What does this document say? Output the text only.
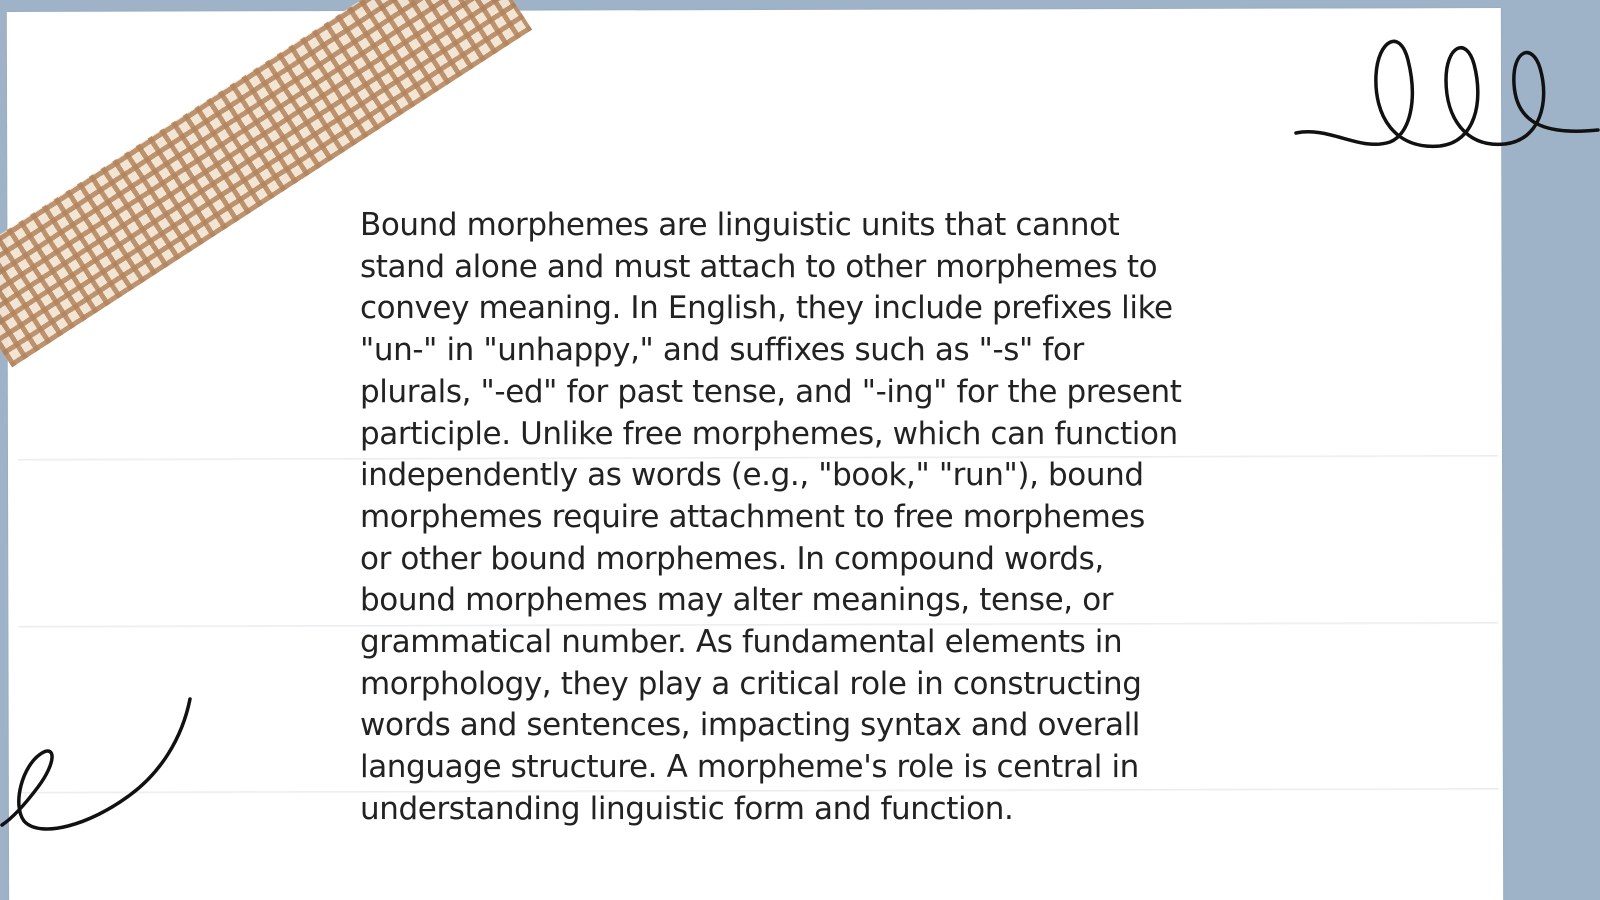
Bound morphemes are linguistic units that cannot
stand alone and must attach to other morphemes to
convey meaning. In English, they include prefixes like
"un-" in "unhappy," and suffixes such as "-s" for
plurals, "-ed" for past tense, and "-ing" for the present
participle. Unlike free morphemes, which can function
independently as words (e.g., "book," "run"), bound
morphemes require attachment to free morphemes
or other bound morphemes. In compound words,
bound morphemes may alter meanings, tense, or
grammatical number. As fundamental elements in
morphology, they play a critical role in constructing
words and sentences, impacting syntax and overall
language structure. A morpheme's role is central in
understanding linguistic form and function.
